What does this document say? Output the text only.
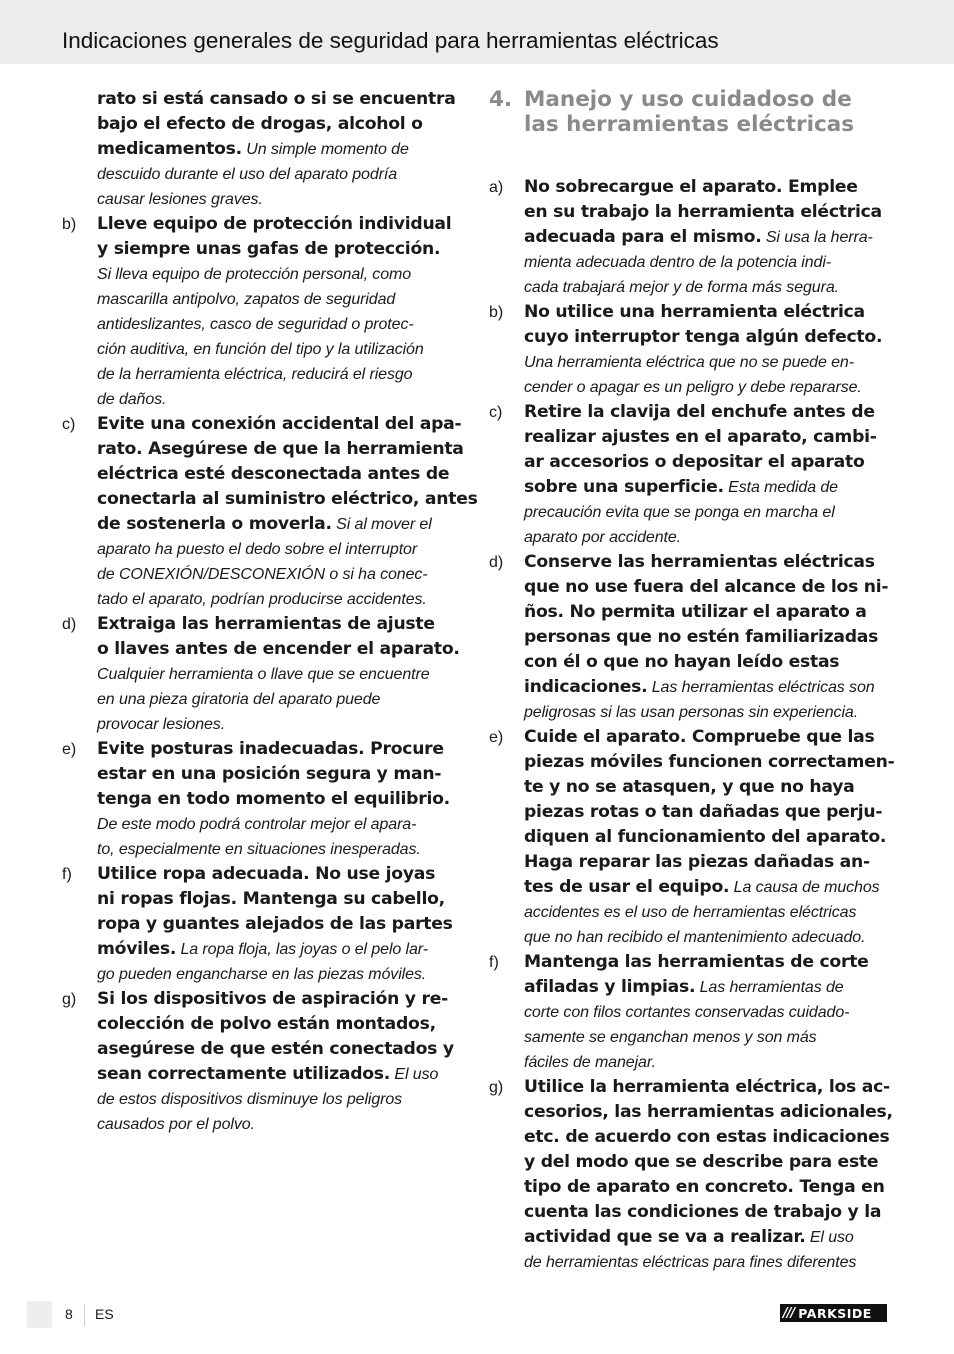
Indicaciones generales de seguridad para herramientas eléctricas
rato si está cansado o si se encuentra
bajo el efecto de drogas, alcohol o
medicamentos. Un simple momento de
descuido durante el uso del aparato podría
causar lesiones graves.
b)	Lleve equipo de protección individual
y siempre unas gafas de protección.
Si lleva equipo de protección personal, como
mascarilla antipolvo, zapatos de seguridad
antideslizantes, casco de seguridad o protec-
ción auditiva, en función del tipo y la utilización
de la herramienta eléctrica, reducirá el riesgo
de daños.
c)	Evite una conexión accidental del apa-
rato. Asegúrese de que la herramienta
eléctrica esté desconectada antes de
conectarla al suministro eléctrico, antes
de sostenerla o moverla. Si al mover el
aparato ha puesto el dedo sobre el interruptor
de CONEXIÓN/DESCONEXIÓN o si ha conec-
tado el aparato, podrían producirse accidentes.
d)	Extraiga las herramientas de ajuste
o llaves antes de encender el aparato.
Cualquier herramienta o llave que se encuentre
en una pieza giratoria del aparato puede
provocar lesiones.
e)	Evite posturas inadecuadas. Procure
estar en una posición segura y man-
tenga en todo momento el equilibrio.
De este modo podrá controlar mejor el apara-
to, especialmente en situaciones inesperadas.
f)	Utilice ropa adecuada. No use joyas
ni ropas flojas. Mantenga su cabello,
ropa y guantes alejados de las partes
móviles. La ropa floja, las joyas o el pelo lar-
go pueden engancharse en las piezas móviles.
g)	Si los dispositivos de aspiración y re-
colección de polvo están montados,
asegúrese de que estén conectados y
sean correctamente utilizados. El uso
de estos dispositivos disminuye los peligros
causados por el polvo.
4. Manejo y uso cuidadoso de
las herramientas eléctricas
a)	No sobrecargue el aparato. Emplee
en su trabajo la herramienta eléctrica
adecuada para el mismo. Si usa la herra-
mienta adecuada dentro de la potencia indi-
cada trabajará mejor y de forma más segura.
b)	No utilice una herramienta eléctrica
cuyo interruptor tenga algún defecto.
Una herramienta eléctrica que no se puede en-
cender o apagar es un peligro y debe repararse.
c)	Retire la clavija del enchufe antes de
realizar ajustes en el aparato, cambi-
ar accesorios o depositar el aparato
sobre una superficie. Esta medida de
precaución evita que se ponga en marcha el
aparato por accidente.
d)	Conserve las herramientas eléctricas
que no use fuera del alcance de los ni-
ños. No permita utilizar el aparato a
personas que no estén familiarizadas
con él o que no hayan leído estas
indicaciones. Las herramientas eléctricas son
peligrosas si las usan personas sin experiencia.
e)	Cuide el aparato. Compruebe que las
piezas móviles funcionen correctamen-
te y no se atasquen, y que no haya
piezas rotas o tan dañadas que perju-
diquen al funcionamiento del aparato.
Haga reparar las piezas dañadas an-
tes de usar el equipo. La causa de muchos
accidentes es el uso de herramientas eléctricas
que no han recibido el mantenimiento adecuado.
f)	Mantenga las herramientas de corte
afiladas y limpias. Las herramientas de
corte con filos cortantes conservadas cuidado-
samente se enganchan menos y son más
fáciles de manejar.
g)	Utilice la herramienta eléctrica, los ac-
cesorios, las herramientas adicionales,
etc. de acuerdo con estas indicaciones
y del modo que se describe para este
tipo de aparato en concreto. Tenga en
cuenta las condiciones de trabajo y la
actividad que se va a realizar. El uso
de herramientas eléctricas para fines diferentes
8 ES	/// PARKSIDE
